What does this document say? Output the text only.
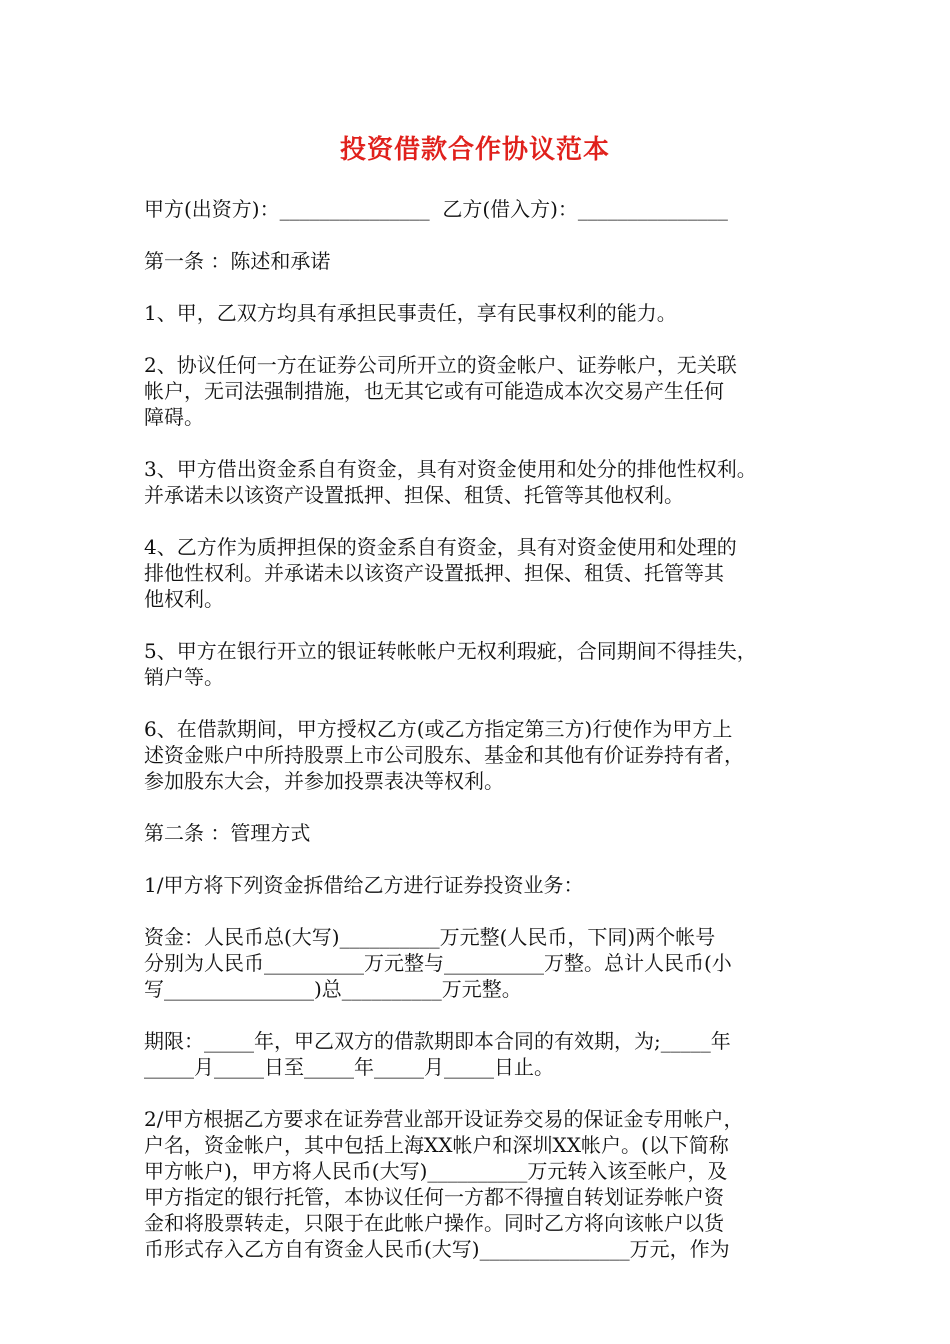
投资借款合作协议范本
甲方(出资方)：_______________  乙方(借入方)：_______________
第一条 ：陈述和承诺
1、甲，乙双方均具有承担民事责任，享有民事权利的能力。
2、协议任何一方在证券公司所开立的资金帐户、证券帐户，无关联
帐户，无司法强制措施，也无其它或有可能造成本次交易产生任何
障碍。
3、甲方借出资金系自有资金，具有对资金使用和处分的排他性权利。
并承诺未以该资产设置抵押、担保、租赁、托管等其他权利。
4、乙方作为质押担保的资金系自有资金，具有对资金使用和处理的
排他性权利。并承诺未以该资产设置抵押、担保、租赁、托管等其
他权利。
5、甲方在银行开立的银证转帐帐户无权利瑕疵，合同期间不得挂失，
销户等。
6、在借款期间，甲方授权乙方(或乙方指定第三方)行使作为甲方上
述资金账户中所持股票上市公司股东、基金和其他有价证券持有者，
参加股东大会，并参加投票表决等权利。
第二条 ：管理方式
1/甲方将下列资金拆借给乙方进行证券投资业务：
资金：人民币总(大写)__________万元整(人民币，下同)两个帐号
分别为人民币__________万元整与__________万整。总计人民币(小
写_______________)总__________万元整。
期限：_____年，甲乙双方的借款期即本合同的有效期，为;_____年
_____月_____日至_____年_____月_____日止。
2/甲方根据乙方要求在证券营业部开设证券交易的保证金专用帐户，
户名，资金帐户，其中包括上海XX帐户和深圳XX帐户。(以下简称
甲方帐户)，甲方将人民币(大写)__________万元转入该至帐户，及
甲方指定的银行托管，本协议任何一方都不得擅自转划证券帐户资
金和将股票转走，只限于在此帐户操作。同时乙方将向该帐户以货
币形式存入乙方自有资金人民币(大写)_______________万元，作为
